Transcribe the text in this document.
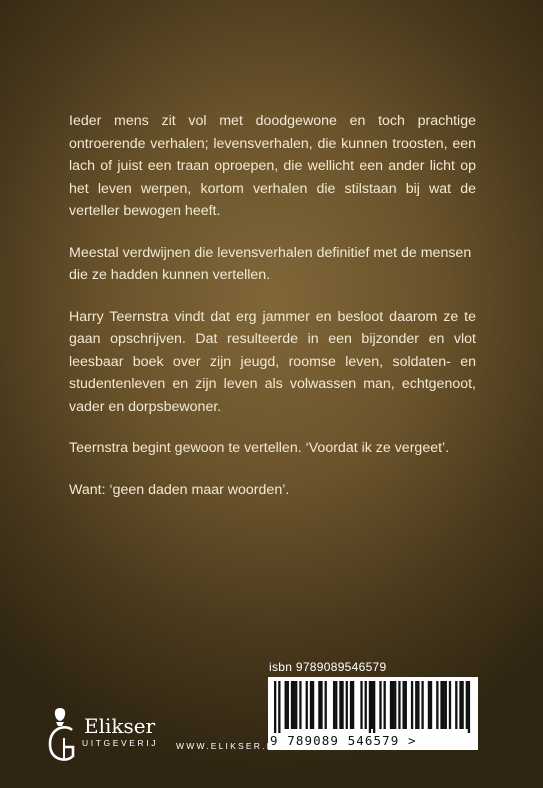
Ieder mens zit vol met doodgewone en toch prachtige ontroerende verhalen; levensverhalen, die kunnen troosten, een lach of juist een traan oproepen, die wellicht een ander licht op het leven werpen, kortom verhalen die stilstaan bij wat de verteller bewogen heeft.

Meestal verdwijnen die levensverhalen definitief met de mensen die ze hadden kunnen vertellen.

Harry Teernstra vindt dat erg jammer en besloot daarom ze te gaan opschrijven. Dat resulteerde in een bijzonder en vlot leesbaar boek over zijn jeugd, roomse leven, soldaten- en studentenleven en zijn leven als volwassen man, echtgenoot, vader en dorpsbewoner.

Teernstra begint gewoon te vertellen. ‘Voordat ik ze vergeet’.

Want: ‘geen daden maar woorden’.

isbn 9789089546579
9 789089 546579 >
Elikser
UITGEVERIJ WWW.ELIKSER.NL
